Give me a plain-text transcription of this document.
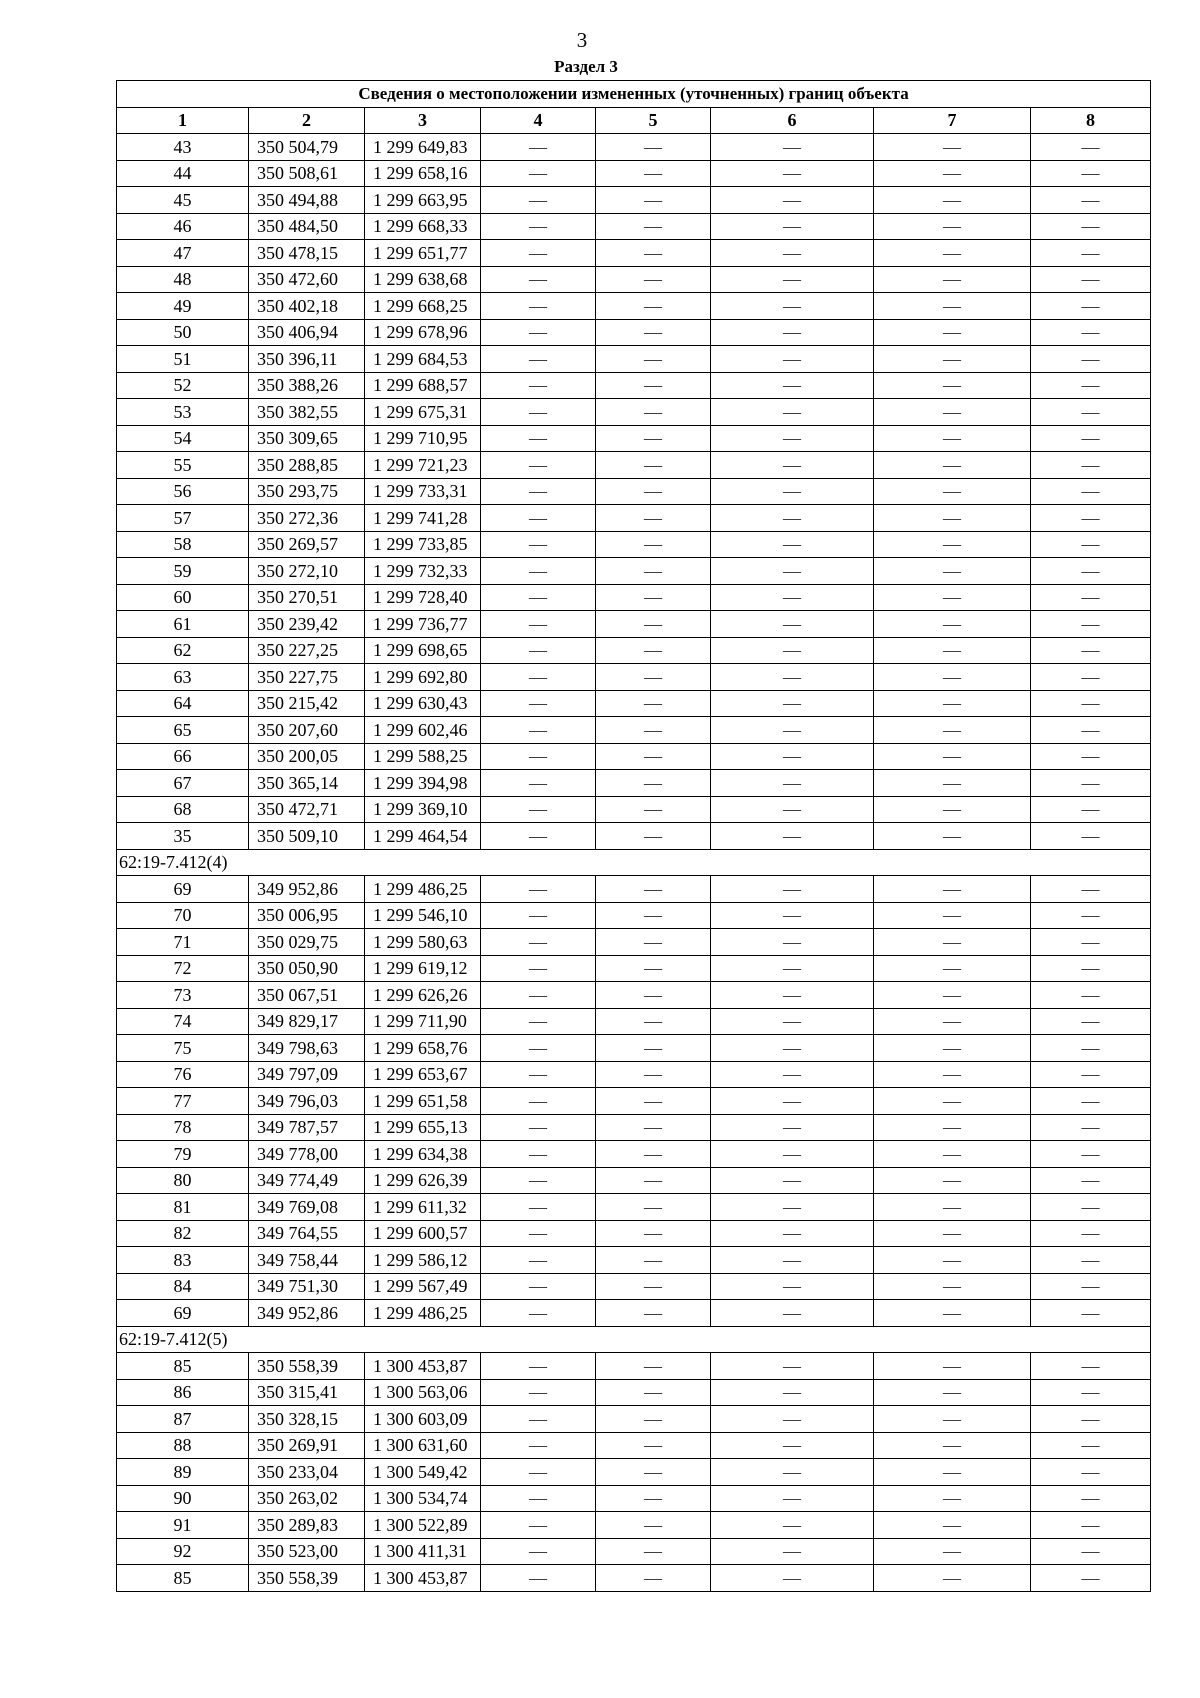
3
Раздел 3
Сведения о местоположении измененных (уточненных) границ объекта							
1	2	3	4	5	6	7	8
43	350 504,79	1 299 649,83	—	—	—	—	—
44	350 508,61	1 299 658,16	—	—	—	—	—
45	350 494,88	1 299 663,95	—	—	—	—	—
46	350 484,50	1 299 668,33	—	—	—	—	—
47	350 478,15	1 299 651,77	—	—	—	—	—
48	350 472,60	1 299 638,68	—	—	—	—	—
49	350 402,18	1 299 668,25	—	—	—	—	—
50	350 406,94	1 299 678,96	—	—	—	—	—
51	350 396,11	1 299 684,53	—	—	—	—	—
52	350 388,26	1 299 688,57	—	—	—	—	—
53	350 382,55	1 299 675,31	—	—	—	—	—
54	350 309,65	1 299 710,95	—	—	—	—	—
55	350 288,85	1 299 721,23	—	—	—	—	—
56	350 293,75	1 299 733,31	—	—	—	—	—
57	350 272,36	1 299 741,28	—	—	—	—	—
58	350 269,57	1 299 733,85	—	—	—	—	—
59	350 272,10	1 299 732,33	—	—	—	—	—
60	350 270,51	1 299 728,40	—	—	—	—	—
61	350 239,42	1 299 736,77	—	—	—	—	—
62	350 227,25	1 299 698,65	—	—	—	—	—
63	350 227,75	1 299 692,80	—	—	—	—	—
64	350 215,42	1 299 630,43	—	—	—	—	—
65	350 207,60	1 299 602,46	—	—	—	—	—
66	350 200,05	1 299 588,25	—	—	—	—	—
67	350 365,14	1 299 394,98	—	—	—	—	—
68	350 472,71	1 299 369,10	—	—	—	—	—
35	350 509,10	1 299 464,54	—	—	—	—	—
62:19-7.412(4)							
69	349 952,86	1 299 486,25	—	—	—	—	—
70	350 006,95	1 299 546,10	—	—	—	—	—
71	350 029,75	1 299 580,63	—	—	—	—	—
72	350 050,90	1 299 619,12	—	—	—	—	—
73	350 067,51	1 299 626,26	—	—	—	—	—
74	349 829,17	1 299 711,90	—	—	—	—	—
75	349 798,63	1 299 658,76	—	—	—	—	—
76	349 797,09	1 299 653,67	—	—	—	—	—
77	349 796,03	1 299 651,58	—	—	—	—	—
78	349 787,57	1 299 655,13	—	—	—	—	—
79	349 778,00	1 299 634,38	—	—	—	—	—
80	349 774,49	1 299 626,39	—	—	—	—	—
81	349 769,08	1 299 611,32	—	—	—	—	—
82	349 764,55	1 299 600,57	—	—	—	—	—
83	349 758,44	1 299 586,12	—	—	—	—	—
84	349 751,30	1 299 567,49	—	—	—	—	—
69	349 952,86	1 299 486,25	—	—	—	—	—
62:19-7.412(5)							
85	350 558,39	1 300 453,87	—	—	—	—	—
86	350 315,41	1 300 563,06	—	—	—	—	—
87	350 328,15	1 300 603,09	—	—	—	—	—
88	350 269,91	1 300 631,60	—	—	—	—	—
89	350 233,04	1 300 549,42	—	—	—	—	—
90	350 263,02	1 300 534,74	—	—	—	—	—
91	350 289,83	1 300 522,89	—	—	—	—	—
92	350 523,00	1 300 411,31	—	—	—	—	—
85	350 558,39	1 300 453,87	—	—	—	—	—
